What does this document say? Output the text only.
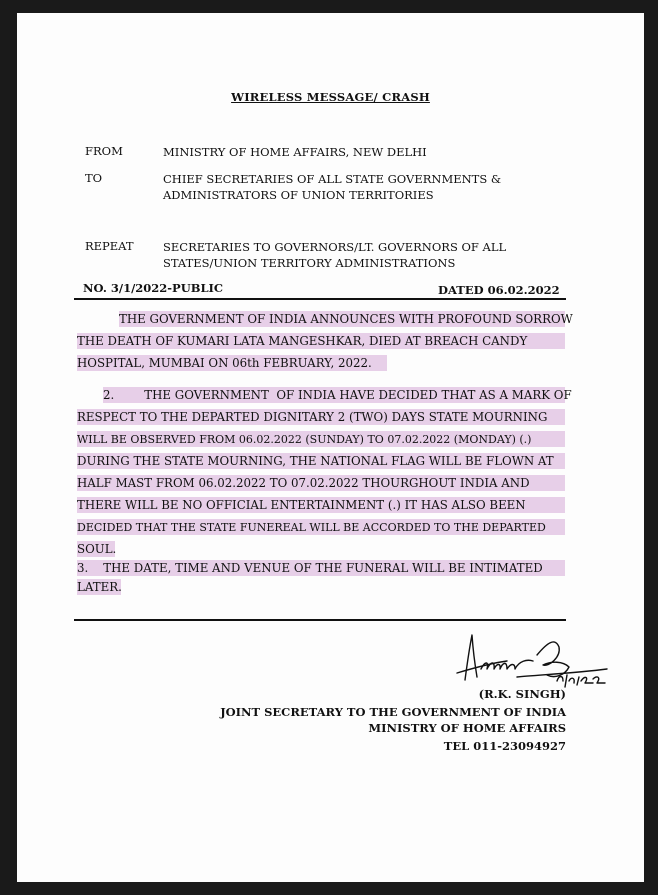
WIRELESS MESSAGE/ CRASH
FROM	MINISTRY OF HOME AFFAIRS, NEW DELHI
TO	CHIEF SECRETARIES OF ALL STATE GOVERNMENTS &
ADMINISTRATORS OF UNION TERRITORIES
REPEAT	SECRETARIES TO GOVERNORS/LT. GOVERNORS OF ALL
STATES/UNION TERRITORY ADMINISTRATIONS
NO. 3/1/2022-PUBLIC	DATED 06.02.2022
THE GOVERNMENT OF INDIA ANNOUNCES WITH PROFOUND SORROW
THE DEATH OF KUMARI LATA MANGESHKAR, DIED AT BREACH CANDY
HOSPITAL, MUMBAI ON 06th FEBRUARY, 2022.
2.        THE GOVERNMENT  OF INDIA HAVE DECIDED THAT AS A MARK OF
RESPECT TO THE DEPARTED DIGNITARY 2 (TWO) DAYS STATE MOURNING
WILL BE OBSERVED FROM 06.02.2022 (SUNDAY) TO 07.02.2022 (MONDAY) (.)
DURING THE STATE MOURNING, THE NATIONAL FLAG WILL BE FLOWN AT
HALF MAST FROM 06.02.2022 TO 07.02.2022 THOURGHOUT INDIA AND
THERE WILL BE NO OFFICIAL ENTERTAINMENT (.) IT HAS ALSO BEEN
DECIDED THAT THE STATE FUNEREAL WILL BE ACCORDED TO THE DEPARTED
SOUL.
3.    THE DATE, TIME AND VENUE OF THE FUNERAL WILL BE INTIMATED
LATER.
(R.K. SINGH)
JOINT SECRETARY TO THE GOVERNMENT OF INDIA
MINISTRY OF HOME AFFAIRS
TEL 011-23094927
